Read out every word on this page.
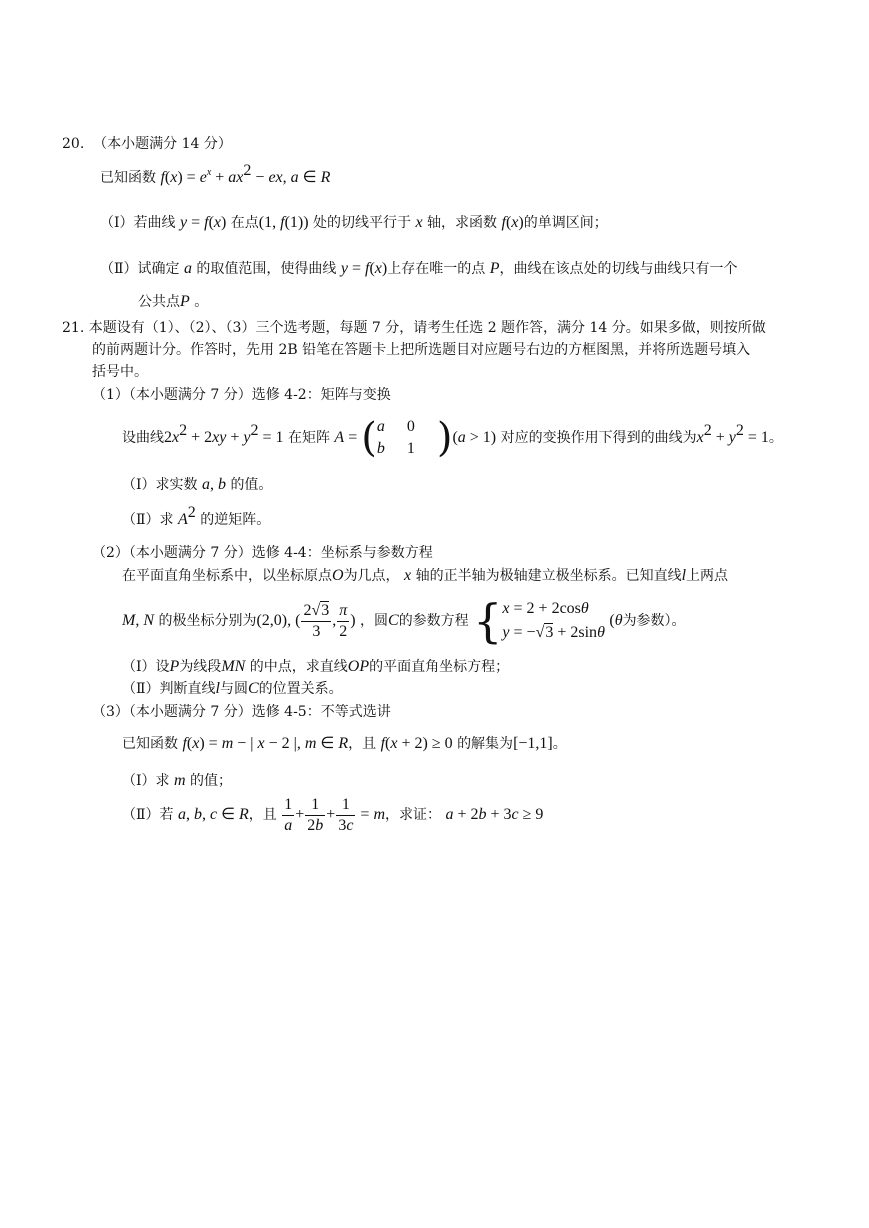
20. （本小题满分 14 分）
已知函数 $f(x) = e^x + ax^2$ − ex, a ∈ R
（Ⅰ）若曲线 y = f(x) 在点(1, f(1)) 处的切线平行于 x 轴，求函数 f(x)的单调区间；
（Ⅱ）试确定 a 的取值范围，使得曲线 y = f(x)上存在唯一的点 P，曲线在该点处的切线与曲线只有一个
公共点P 。
21. 本题设有（1）、（2）、（3）三个选考题，每题 7 分，请考生任选 2 题作答，满分 14 分。如果多做，则按所做
的前两题计分。作答时，先用 2B 铅笔在答题卡上把所选题目对应题号右边的方框图黑，并将所选题号填入
括号中。
（1）（本小题满分 7 分）选修 4-2：矩阵与变换
设曲线$2x^2 + 2xy + y^2 = 1$ 在矩阵 A = ( a 0
b 1 )(a > 1) 对应的变换作用下得到的曲线为$x^2 + y^2 = 1$。
（Ⅰ）求实数 a, b 的值。
（Ⅱ）求 $A^2$ 的逆矩阵。
（2）（本小题满分 7 分）选修 4-4：坐标系与参数方程
在平面直角坐标系中，以坐标原点O为几点， x 轴的正半轴为极轴建立极坐标系。已知直线l上两点
M, N 的极坐标分别为(2,0), ( $\frac{2√3}{3}$ , $\frac{\pi}{2}$ ) ，圆C的参数方程 { x = 2 + 2cosθ
y = −√3 + 2sinθ
(θ为参数）。
（Ⅰ）设P为线段MN 的中点，求直线OP的平面直角坐标方程；
（Ⅱ）判断直线l与圆C的位置关系。
（3）（本小题满分 7 分）选修 4-5：不等式选讲
已知函数 f(x) = m − | x − 2 |, m ∈ R，且 f(x + 2) ≥ 0 的解集为[−1,1]。
（Ⅰ）求 m 的值；
（Ⅱ）若 a, b, c ∈ R，且 $\frac{1}{a} + \frac{1}{2b} + \frac{1}{3c} = m$，求证： a + 2b + 3c ≥ 9
